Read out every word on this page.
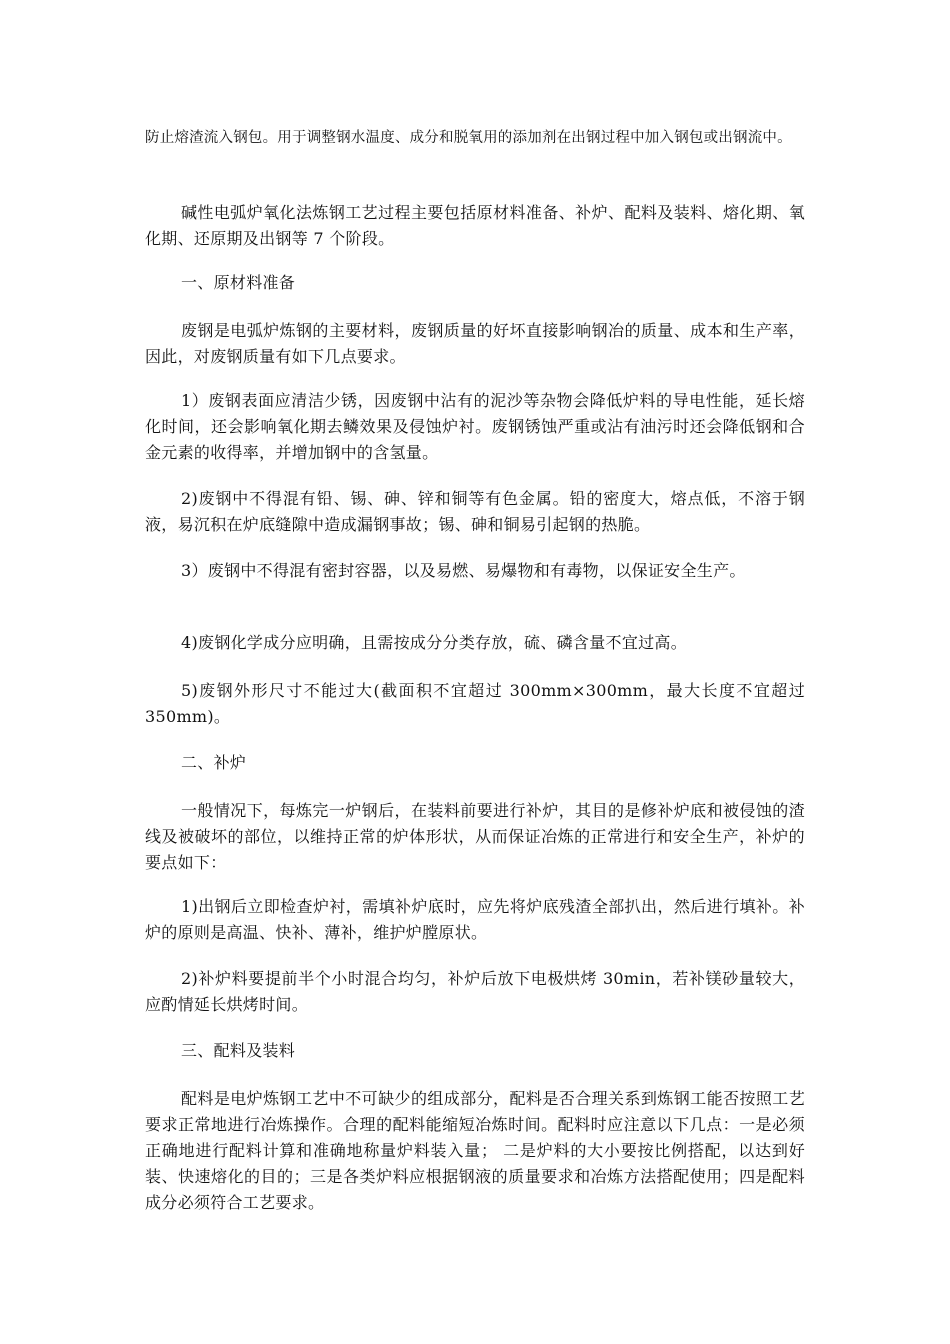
防止熔渣流入钢包。用于调整钢水温度、成分和脱氧用的添加剂在出钢过程中加入钢包或出钢流中。

碱性电弧炉氧化法炼钢工艺过程主要包括原材料准备、补炉、配料及装料、熔化期、氧化期、还原期及出钢等 7 个阶段。

一、原材料准备

废钢是电弧炉炼钢的主要材料，废钢质量的好坏直接影响钢冶的质量、成本和生产率，因此，对废钢质量有如下几点要求。

1）废钢表面应清洁少锈，因废钢中沾有的泥沙等杂物会降低炉料的导电性能，延长熔化时间，还会影响氧化期去鳞效果及侵蚀炉衬。废钢锈蚀严重或沾有油污时还会降低钢和合金元素的收得率，并增加钢中的含氢量。

2)废钢中不得混有铅、锡、砷、锌和铜等有色金属。铅的密度大，熔点低，不溶于钢液，易沉积在炉底缝隙中造成漏钢事故；锡、砷和铜易引起钢的热脆。

3）废钢中不得混有密封容器，以及易燃、易爆物和有毒物，以保证安全生产。

4)废钢化学成分应明确，且需按成分分类存放，硫、磷含量不宜过高。

5)废钢外形尺寸不能过大(截面积不宜超过 300mm×300mm，最大长度不宜超过 350mm)。

二、补炉

一般情况下，每炼完一炉钢后，在装料前要进行补炉，其目的是修补炉底和被侵蚀的渣线及被破坏的部位，以维持正常的炉体形状，从而保证冶炼的正常进行和安全生产，补炉的要点如下：

1)出钢后立即检查炉衬，需填补炉底时，应先将炉底残渣全部扒出，然后进行填补。补炉的原则是高温、快补、薄补，维护炉膛原状。

2)补炉料要提前半个小时混合均匀，补炉后放下电极烘烤 30min，若补镁砂量较大，应酌情延长烘烤时间。

三、配料及装料

配料是电炉炼钢工艺中不可缺少的组成部分，配料是否合理关系到炼钢工能否按照工艺要求正常地进行冶炼操作。合理的配料能缩短冶炼时间。配料时应注意以下几点：一是必须正确地进行配料计算和准确地称量炉料装入量； 二是炉料的大小要按比例搭配，以达到好装、快速熔化的目的；三是各类炉料应根据钢液的质量要求和冶炼方法搭配使用；四是配料成分必须符合工艺要求。
